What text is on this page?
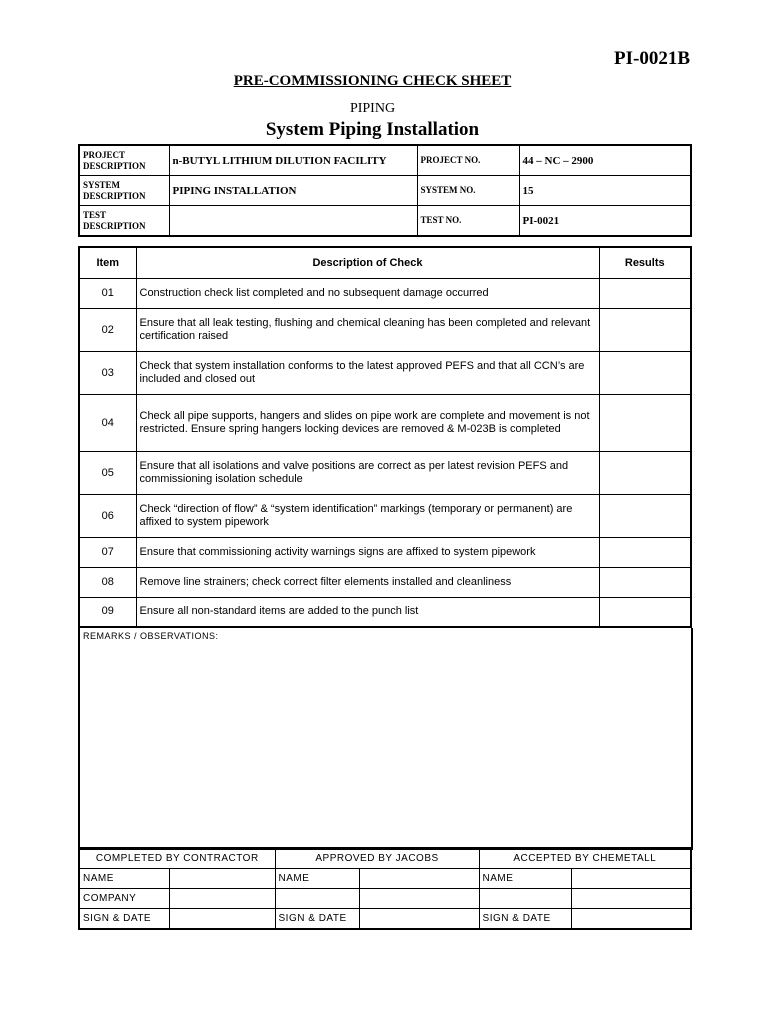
PI-0021B
PRE-COMMISSIONING CHECK SHEET
PIPING
System Piping Installation
PROJECT DESCRIPTION	n-BUTYL LITHIUM DILUTION FACILITY	PROJECT NO.	44 – NC – 2900
SYSTEM DESCRIPTION	PIPING INSTALLATION	SYSTEM NO.	15
TEST DESCRIPTION		TEST NO.	PI-0021
Item	Description of Check	Results
01	Construction check list completed and no subsequent damage occurred	
02	Ensure that all leak testing, flushing and chemical cleaning has been completed and relevant certification raised	
03	Check that system installation conforms to the latest approved PEFS and that all CCN’s are included and closed out	
04	Check all pipe supports, hangers and slides on pipe work are complete and movement is not restricted. Ensure spring hangers locking devices are removed & M-023B is completed	
05	Ensure that all isolations and valve positions are correct as per latest revision PEFS and commissioning isolation schedule	
06	Check “direction of flow” & “system identification” markings (temporary or permanent) are affixed to system pipework	
07	Ensure that commissioning activity warnings signs are affixed to system pipework	
08	Remove line strainers; check correct filter elements installed and cleanliness	
09	Ensure all non-standard items are added to the punch list	
REMARKS / OBSERVATIONS:
COMPLETED BY CONTRACTOR		APPROVED BY JACOBS		ACCEPTED BY CHEMETALL	
NAME		NAME		NAME	
COMPANY					
SIGN & DATE		SIGN & DATE		SIGN & DATE	
